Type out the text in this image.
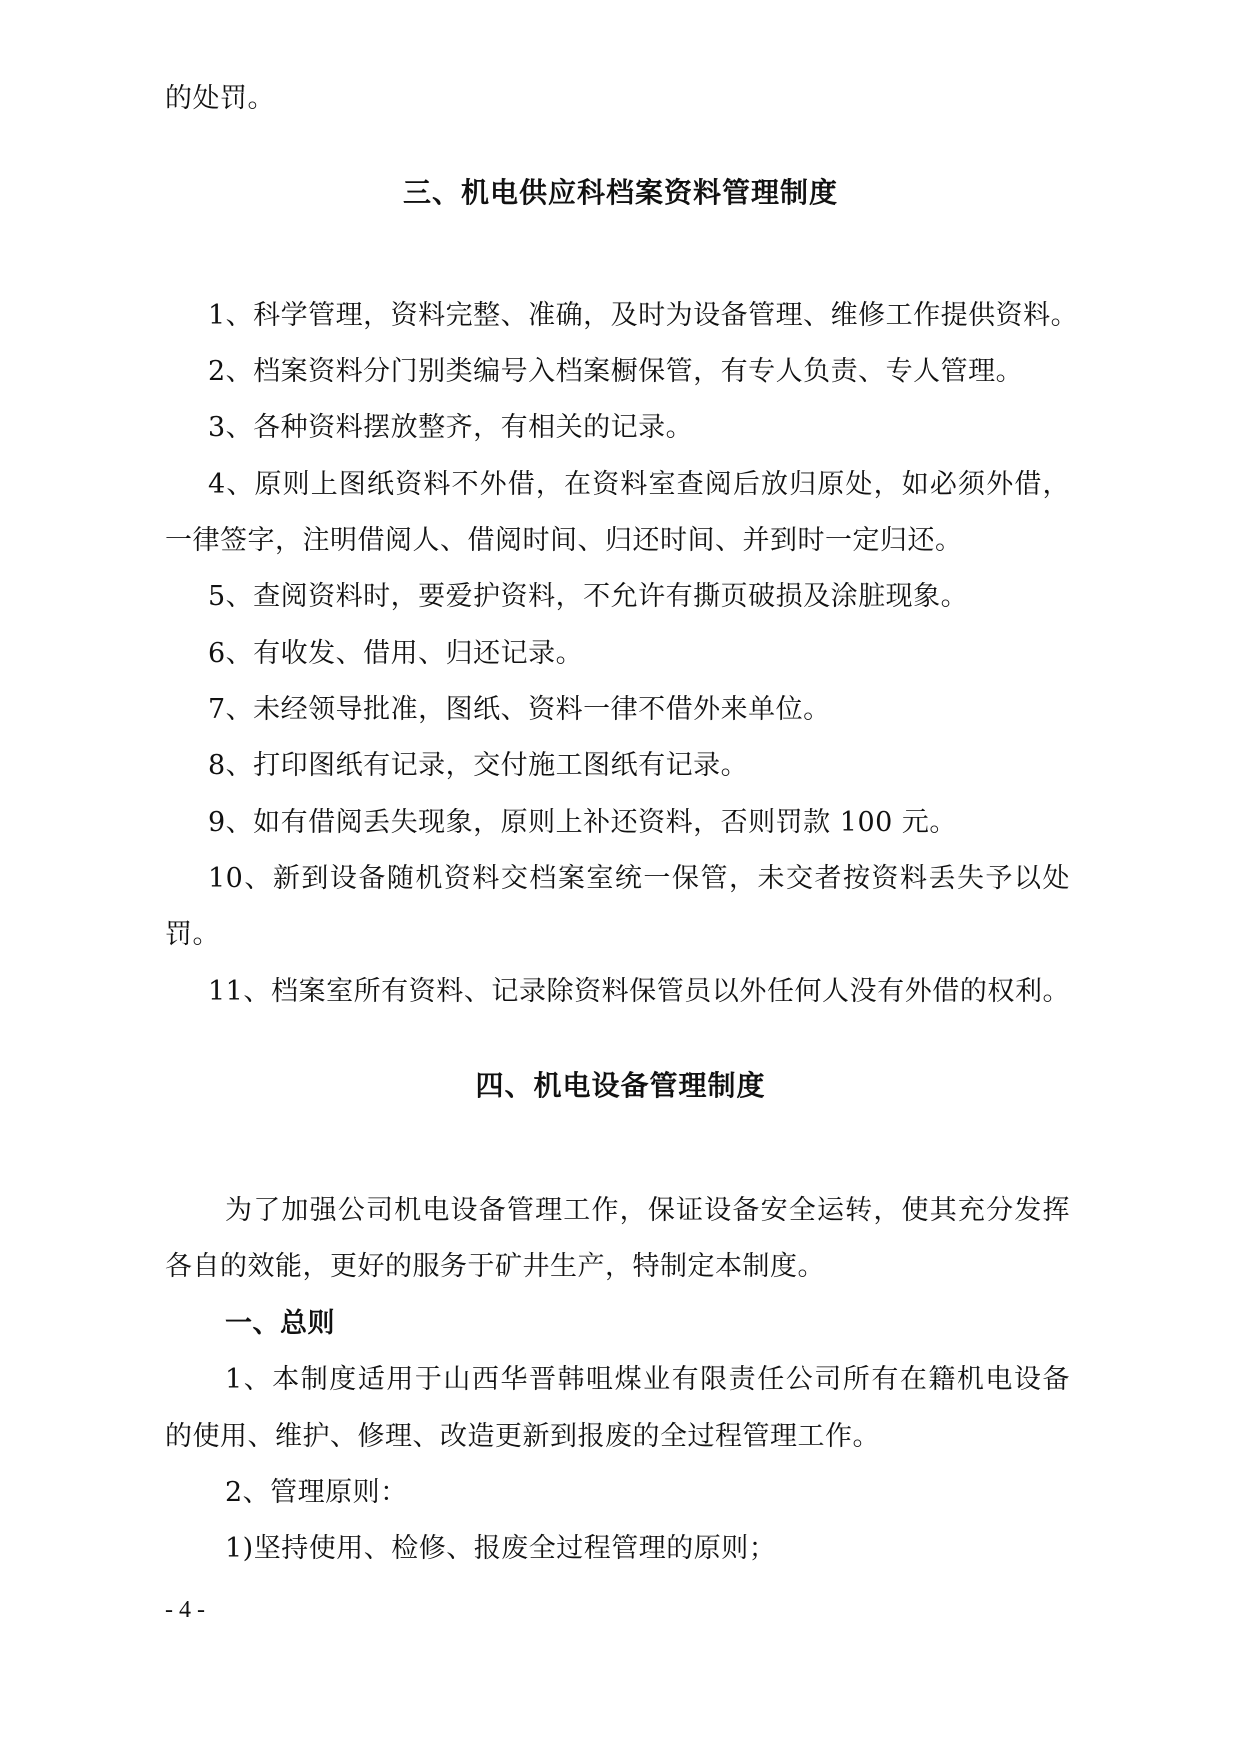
的处罚。
三、机电供应科档案资料管理制度
1、科学管理，资料完整、准确，及时为设备管理、维修工作提供资料。
2、档案资料分门别类编号入档案橱保管，有专人负责、专人管理。
3、各种资料摆放整齐，有相关的记录。
4、原则上图纸资料不外借，在资料室查阅后放归原处，如必须外借，
一律签字，注明借阅人、借阅时间、归还时间、并到时一定归还。
5、查阅资料时，要爱护资料，不允许有撕页破损及涂脏现象。
6、有收发、借用、归还记录。
7、未经领导批准，图纸、资料一律不借外来单位。
8、打印图纸有记录，交付施工图纸有记录。
9、如有借阅丢失现象，原则上补还资料，否则罚款 100 元。
10、新到设备随机资料交档案室统一保管，未交者按资料丢失予以处
罚。
11、档案室所有资料、记录除资料保管员以外任何人没有外借的权利。
四、机电设备管理制度
为了加强公司机电设备管理工作，保证设备安全运转，使其充分发挥
各自的效能，更好的服务于矿井生产，特制定本制度。
一、总则
1、本制度适用于山西华晋韩咀煤业有限责任公司所有在籍机电设备
的使用、维护、修理、改造更新到报废的全过程管理工作。
2、管理原则：
1)坚持使用、检修、报废全过程管理的原则；
- 4 -
